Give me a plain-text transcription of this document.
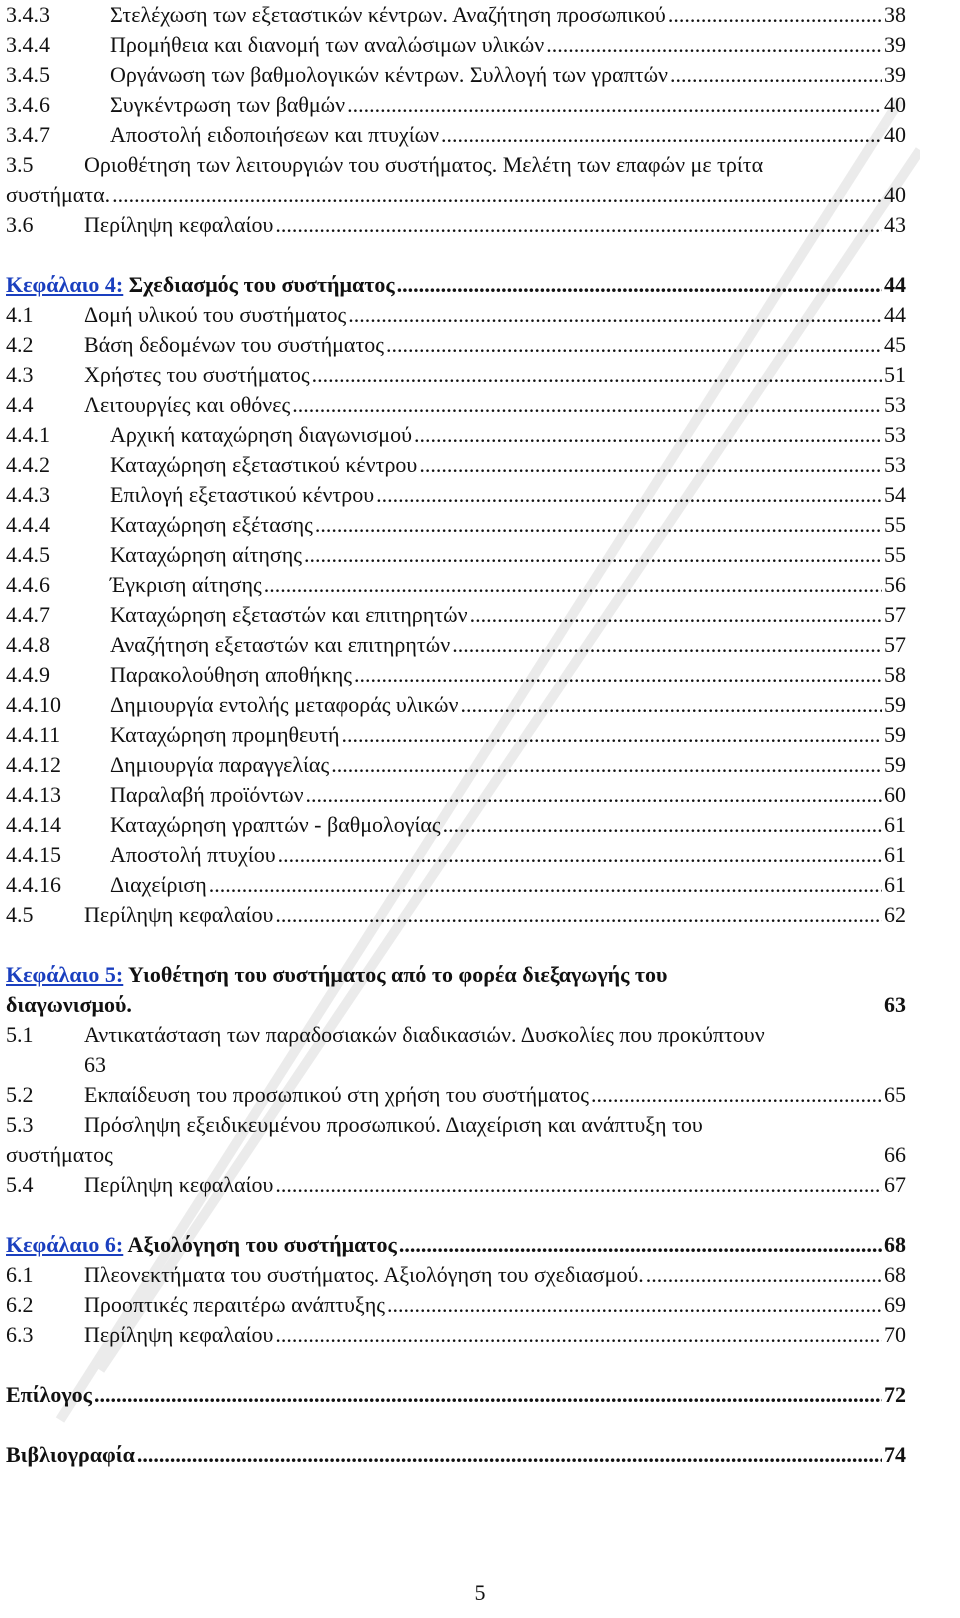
3.4.3	Στελέχωση των εξεταστικών κέντρων. Αναζήτηση προσωπικού .....	38
3.4.4	Προμήθεια και διανομή των αναλώσιμων υλικών .....	39
3.4.5	Οργάνωση των βαθμολογικών κέντρων. Συλλογή των γραπτών .....	39
3.4.6	Συγκέντρωση των βαθμών .....	40
3.4.7	Αποστολή ειδοποιήσεων και πτυχίων .....	40
3.5 Οριοθέτηση των λειτουργιών του συστήματος. Μελέτη των επαφών με τρίτα
συστήματα. .....	40
3.6	Περίληψη κεφαλαίου .....	43
Κεφάλαιο 4: Σχεδιασμός του συστήματος .....	44
4.1	Δομή υλικού του συστήματος .....	44
4.2	Βάση δεδομένων του συστήματος .....	45
4.3	Χρήστες του συστήματος .....	51
4.4	Λειτουργίες και οθόνες .....	53
4.4.1	Αρχική καταχώρηση διαγωνισμού .....	53
4.4.2	Καταχώρηση εξεταστικού κέντρου .....	53
4.4.3	Επιλογή εξεταστικού κέντρου .....	54
4.4.4	Καταχώρηση εξέτασης .....	55
4.4.5	Καταχώρηση αίτησης .....	55
4.4.6	Έγκριση αίτησης .....	56
4.4.7	Καταχώρηση εξεταστών και επιτηρητών .....	57
4.4.8	Αναζήτηση εξεταστών και επιτηρητών .....	57
4.4.9	Παρακολούθηση αποθήκης .....	58
4.4.10	Δημιουργία εντολής μεταφοράς υλικών .....	59
4.4.11	Καταχώρηση προμηθευτή .....	59
4.4.12	Δημιουργία παραγγελίας .....	59
4.4.13	Παραλαβή προϊόντων .....	60
4.4.14	Καταχώρηση γραπτών - βαθμολογίας .....	61
4.4.15	Αποστολή πτυχίου .....	61
4.4.16	Διαχείριση .....	61
4.5	Περίληψη κεφαλαίου .....	62
Κεφάλαιο 5: Υιοθέτηση του συστήματος από το φορέα διεξαγωγής του
διαγωνισμού.	63
5.1 Αντικατάσταση των παραδοσιακών διαδικασιών. Δυσκολίες που προκύπτουν
63
5.2	Εκπαίδευση του προσωπικού στη χρήση του συστήματος .....	65
5.3 Πρόσληψη εξειδικευμένου προσωπικού. Διαχείριση και ανάπτυξη του
συστήματος	66
5.4	Περίληψη κεφαλαίου .....	67
Κεφάλαιο 6: Αξιολόγηση του συστήματος .....	68
6.1	Πλεονεκτήματα του συστήματος. Αξιολόγηση του σχεδιασμού. .....	68
6.2	Προοπτικές περαιτέρω ανάπτυξης .....	69
6.3	Περίληψη κεφαλαίου .....	70
Επίλογος .....	72
Βιβλιογραφία .....	74
5
